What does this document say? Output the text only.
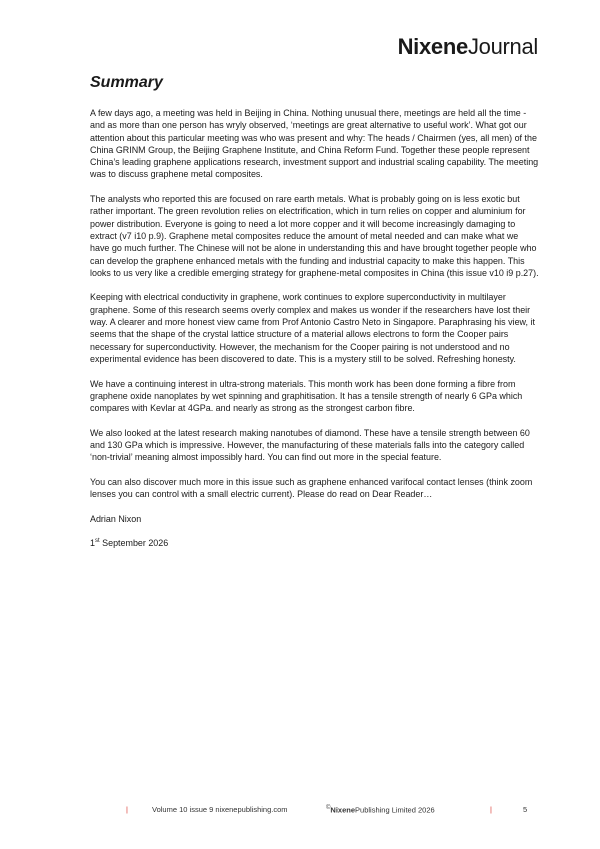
NixeneJournal
Summary

A few days ago, a meeting was held in Beijing in China. Nothing unusual there, meetings are held all the time - and as more than one person has wryly observed, ‘meetings are great alternative to useful work’. What got our attention about this particular meeting was who was present and why: The heads / Chairmen (yes, all men) of the China GRINM Group, the Beijing Graphene Institute, and China Reform Fund. Together these people represent China’s leading graphene applications research, investment support and industrial scaling capability. The meeting was to discuss graphene metal composites.

The analysts who reported this are focused on rare earth metals. What is probably going on is less exotic but rather important. The green revolution relies on electrification, which in turn relies on copper and aluminium for power distribution. Everyone is going to need a lot more copper and it will become increasingly damaging to extract (v7 i10 p.9). Graphene metal composites reduce the amount of metal needed and can make what we have go much further. The Chinese will not be alone in understanding this and have brought together people who can develop the graphene enhanced metals with the funding and industrial capacity to make this happen. This looks to us very like a credible emerging strategy for graphene-metal composites in China (this issue v10 i9 p.27).

Keeping with electrical conductivity in graphene, work continues to explore superconductivity in multilayer graphene. Some of this research seems overly complex and makes us wonder if the researchers have lost their way. A clearer and more honest view came from Prof Antonio Castro Neto in Singapore. Paraphrasing his view, it seems that the shape of the crystal lattice structure of a material allows electrons to form the Cooper pairs necessary for superconductivity. However, the mechanism for the Cooper pairing is not understood and no experimental evidence has been discovered to date. This is a mystery still to be solved. Refreshing honesty.

We have a continuing interest in ultra-strong materials. This month work has been done forming a fibre from graphene oxide nanoplates by wet spinning and graphitisation. It has a tensile strength of nearly 6 GPa which compares with Kevlar at 4GPa. and nearly as strong as the strongest carbon fibre.

We also looked at the latest research making nanotubes of diamond. These have a tensile strength between 60 and 130 GPa which is impressive. However, the manufacturing of these materials falls into the category called ‘non-trivial’ meaning almost impossibly hard. You can find out more in the special feature.

You can also discover much more in this issue such as graphene enhanced varifocal contact lenses (think zoom lenses you can control with a small electric current). Please do read on Dear Reader…

Adrian Nixon

1st September 2026

|	Volume 10 issue 9 nixenepublishing.com	©NixenePublishing Limited 2026	|	5
